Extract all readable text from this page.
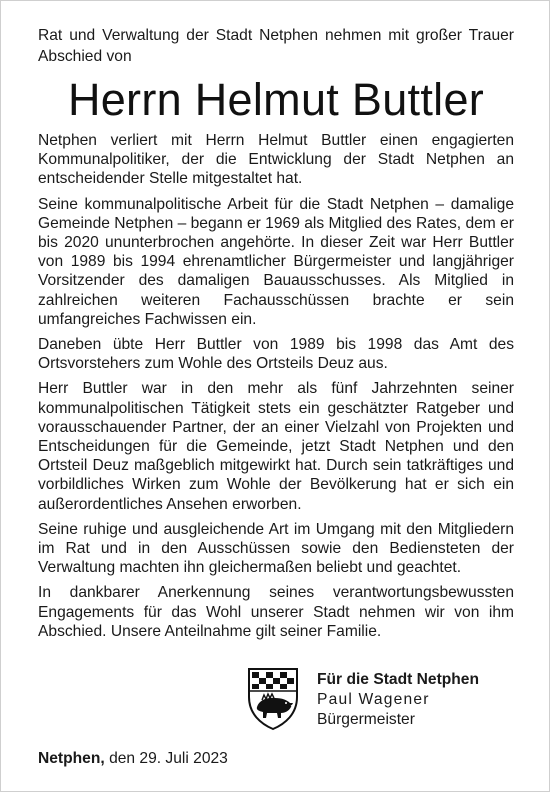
Rat und Verwaltung der Stadt Netphen nehmen mit großer Trauer Abschied von
Herrn Helmut Buttler

Netphen verliert mit Herrn Helmut Buttler einen engagierten Kommunalpolitiker, der die Entwicklung der Stadt Netphen an entscheidender Stelle mitgestaltet hat.

Seine kommunalpolitische Arbeit für die Stadt Netphen – damalige Gemeinde Netphen – begann er 1969 als Mitglied des Rates, dem er bis 2020 ununterbrochen angehörte. In dieser Zeit war Herr Buttler von 1989 bis 1994 ehrenamtlicher Bürgermeister und langjähriger Vorsitzender des damaligen Bauausschusses. Als Mitglied in zahlreichen weiteren Fachausschüssen brachte er sein umfangreiches Fachwissen ein.

Daneben übte Herr Buttler von 1989 bis 1998 das Amt des Ortsvorstehers zum Wohle des Ortsteils Deuz aus.

Herr Buttler war in den mehr als fünf Jahrzehnten seiner kommunalpolitischen Tätigkeit stets ein geschätzter Ratgeber und vorausschauender Partner, der an einer Vielzahl von Projekten und Entscheidungen für die Gemeinde, jetzt Stadt Netphen und den Ortsteil Deuz maßgeblich mitgewirkt hat. Durch sein tatkräftiges und vorbildliches Wirken zum Wohle der Bevölkerung hat er sich ein außerordentliches Ansehen erworben.

Seine ruhige und ausgleichende Art im Umgang mit den Mitgliedern im Rat und in den Ausschüssen sowie den Bediensteten der Verwaltung machten ihn gleichermaßen beliebt und geachtet.

In dankbarer Anerkennung seines verantwortungsbewussten Engagements für das Wohl unserer Stadt nehmen wir von ihm Abschied. Unsere Anteilnahme gilt seiner Familie.

Für die Stadt Netphen
Paul Wagener
Bürgermeister
Netphen, den 29. Juli 2023
